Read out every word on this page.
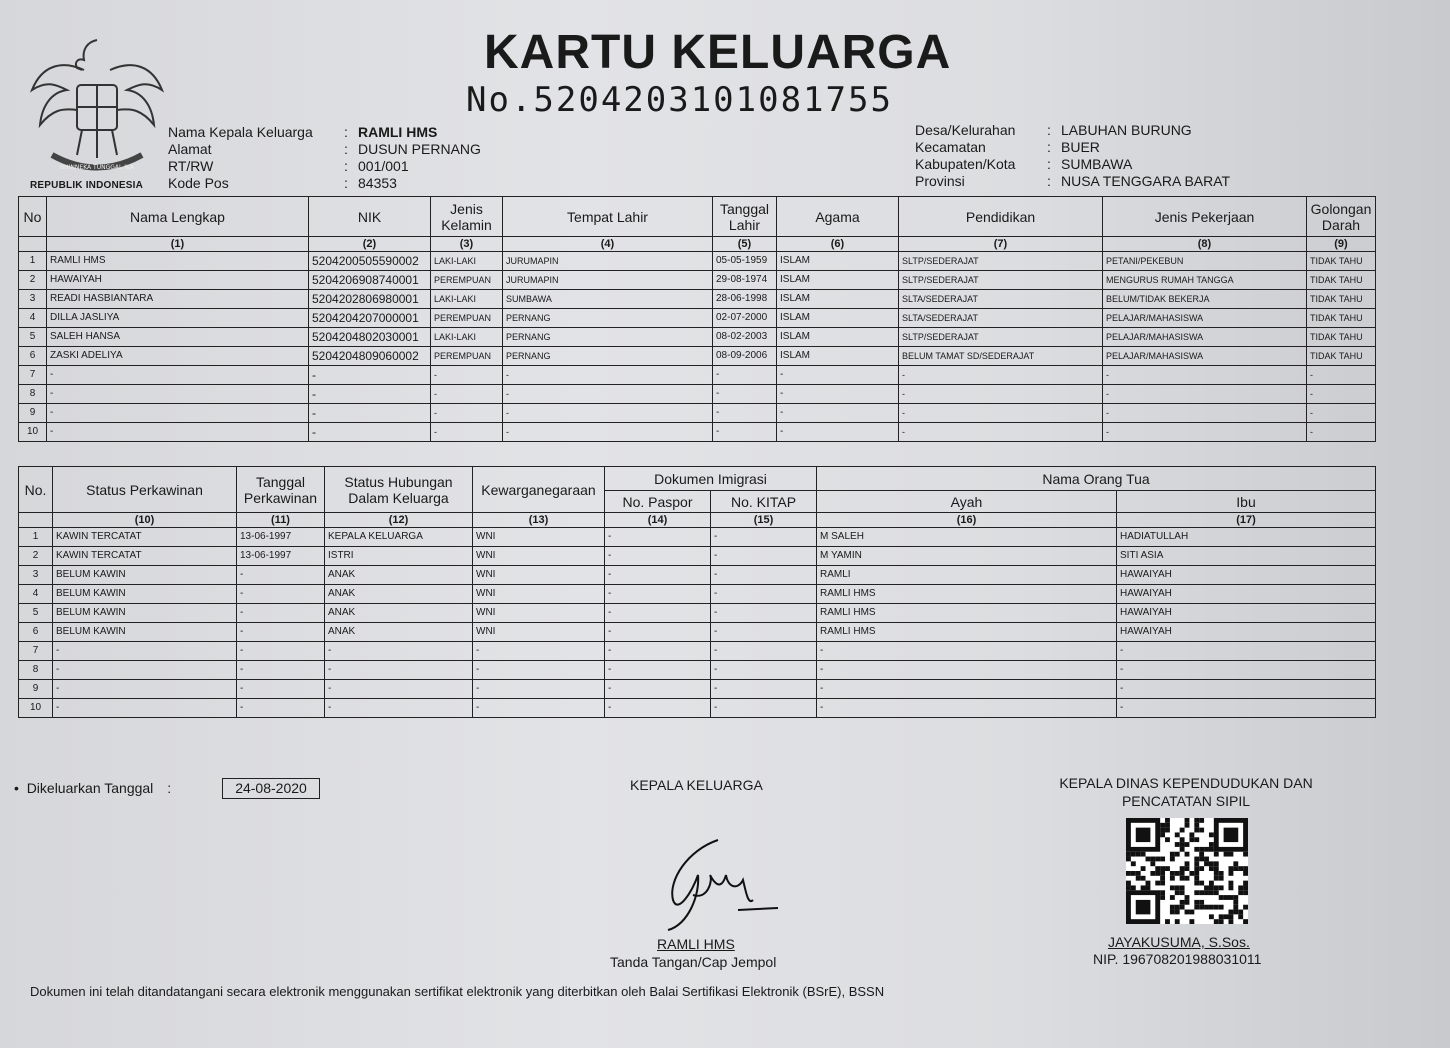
BHINNEKA TUNGGAL IKA
REPUBLIK INDONESIA
KARTU KELUARGA
No.5204203101081755
Nama Kepala Keluarga	: RAMLI HMS
Alamat	: DUSUN PERNANG
RT/RW	: 001/001
Kode Pos	: 84353
Desa/Kelurahan	: LABUHAN BURUNG
Kecamatan	: BUER
Kabupaten/Kota	: SUMBAWA
Provinsi	: NUSA TENGGARA BARAT
No	Nama Lengkap	NIK	Jenis Kelamin	Tempat Lahir	Tanggal Lahir	Agama	Pendidikan	Jenis Pekerjaan	Golongan Darah
	(1)	(2)	(3)	(4)	(5)	(6)	(7)	(8)	(9)
1	RAMLI HMS	5204200505590002	LAKI-LAKI	JURUMAPIN	05-05-1959	ISLAM	SLTP/SEDERAJAT	PETANI/PEKEBUN	TIDAK TAHU
2	HAWAIYAH	5204206908740001	PEREMPUAN	JURUMAPIN	29-08-1974	ISLAM	SLTP/SEDERAJAT	MENGURUS RUMAH TANGGA	TIDAK TAHU
3	READI HASBIANTARA	5204202806980001	LAKI-LAKI	SUMBAWA	28-06-1998	ISLAM	SLTA/SEDERAJAT	BELUM/TIDAK BEKERJA	TIDAK TAHU
4	DILLA JASLIYA	5204204207000001	PEREMPUAN	PERNANG	02-07-2000	ISLAM	SLTA/SEDERAJAT	PELAJAR/MAHASISWA	TIDAK TAHU
5	SALEH HANSA	5204204802030001	LAKI-LAKI	PERNANG	08-02-2003	ISLAM	SLTP/SEDERAJAT	PELAJAR/MAHASISWA	TIDAK TAHU
6	ZASKI ADELIYA	5204204809060002	PEREMPUAN	PERNANG	08-09-2006	ISLAM	BELUM TAMAT SD/SEDERAJAT	PELAJAR/MAHASISWA	TIDAK TAHU
7	-	-	-	-	-	-	-	-	-
8	-	-	-	-	-	-	-	-	-
9	-	-	-	-	-	-	-	-	-
10	-	-	-	-	-	-	-	-	-
No.	Status Perkawinan	Tanggal Perkawinan	Status Hubungan Dalam Keluarga	Kewarganegaraan	Dokumen Imigrasi		Nama Orang Tua	
					No. Paspor	No. KITAP	Ayah	Ibu
	(10)	(11)	(12)	(13)	(14)	(15)	(16)	(17)
1	KAWIN TERCATAT	13-06-1997	KEPALA KELUARGA	WNI	-	-	M SALEH	HADIATULLAH
2	KAWIN TERCATAT	13-06-1997	ISTRI	WNI	-	-	M YAMIN	SITI ASIA
3	BELUM KAWIN	-	ANAK	WNI	-	-	RAMLI	HAWAIYAH
4	BELUM KAWIN	-	ANAK	WNI	-	-	RAMLI HMS	HAWAIYAH
5	BELUM KAWIN	-	ANAK	WNI	-	-	RAMLI HMS	HAWAIYAH
6	BELUM KAWIN	-	ANAK	WNI	-	-	RAMLI HMS	HAWAIYAH
7	-	-	-	-	-	-	-	-
8	-	-	-	-	-	-	-	-
9	-	-	-	-	-	-	-	-
10	-	-	-	-	-	-	-	-
•  Dikeluarkan Tanggal :	24-08-2020	KEPALA KELUARGA
RAMLI HMS
Tanda Tangan/Cap Jempol
KEPALA DINAS KEPENDUDUKAN DAN
PENCATATAN SIPIL
JAYAKUSUMA, S.Sos.
NIP. 196708201988031011
Dokumen ini telah ditandatangani secara elektronik menggunakan sertifikat elektronik yang diterbitkan oleh Balai Sertifikasi Elektronik (BSrE), BSSN
